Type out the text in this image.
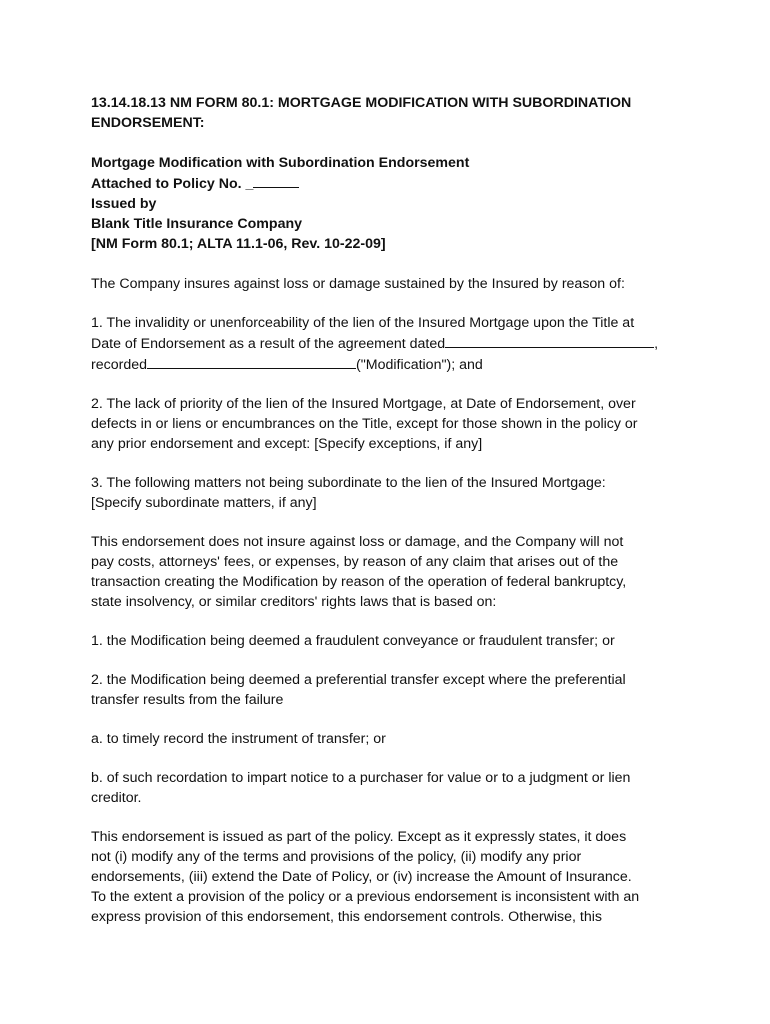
13.14.18.13 NM FORM 80.1: MORTGAGE MODIFICATION WITH SUBORDINATION

ENDORSEMENT:

Mortgage Modification with Subordination Endorsement

Attached to Policy No. _

Issued by

Blank Title Insurance Company

[NM Form 80.1; ALTA 11.1-06, Rev. 10-22-09]

The Company insures against loss or damage sustained by the Insured by reason of:

1. The invalidity or unenforceability of the lien of the Insured Mortgage upon the Title at

Date of Endorsement as a result of the agreement dated	,

recorded	("Modification"); and

2. The lack of priority of the lien of the Insured Mortgage, at Date of Endorsement, over

defects in or liens or encumbrances on the Title, except for those shown in the policy or

any prior endorsement and except: [Specify exceptions, if any]

3. The following matters not being subordinate to the lien of the Insured Mortgage:

[Specify subordinate matters, if any]

This endorsement does not insure against loss or damage, and the Company will not

pay costs, attorneys' fees, or expenses, by reason of any claim that arises out of the

transaction creating the Modification by reason of the operation of federal bankruptcy,

state insolvency, or similar creditors' rights laws that is based on:

1. the Modification being deemed a fraudulent conveyance or fraudulent transfer; or

2. the Modification being deemed a preferential transfer except where the preferential

transfer results from the failure

a. to timely record the instrument of transfer; or

b. of such recordation to impart notice to a purchaser for value or to a judgment or lien

creditor.

This endorsement is issued as part of the policy. Except as it expressly states, it does

not (i) modify any of the terms and provisions of the policy, (ii) modify any prior

endorsements, (iii) extend the Date of Policy, or (iv) increase the Amount of Insurance.

To the extent a provision of the policy or a previous endorsement is inconsistent with an

express provision of this endorsement, this endorsement controls. Otherwise, this
